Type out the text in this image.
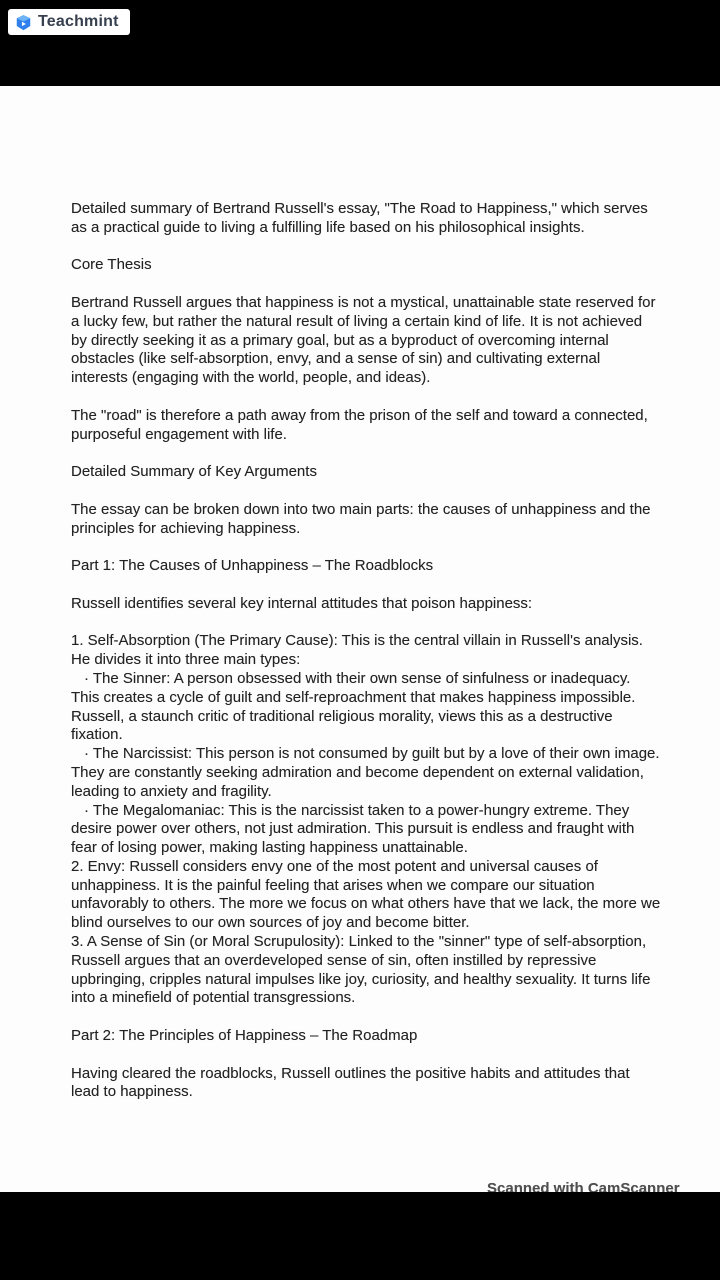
Teachmint

Detailed summary of Bertrand Russell's essay, "The Road to Happiness," which serves as a practical guide to living a fulfilling life based on his philosophical insights.

Core Thesis

Bertrand Russell argues that happiness is not a mystical, unattainable state reserved for a lucky few, but rather the natural result of living a certain kind of life. It is not achieved by directly seeking it as a primary goal, but as a byproduct of overcoming internal obstacles (like self-absorption, envy, and a sense of sin) and cultivating external interests (engaging with the world, people, and ideas).

The "road" is therefore a path away from the prison of the self and toward a connected, purposeful engagement with life.

Detailed Summary of Key Arguments

The essay can be broken down into two main parts: the causes of unhappiness and the principles for achieving happiness.

Part 1: The Causes of Unhappiness – The Roadblocks

Russell identifies several key internal attitudes that poison happiness:

1. Self-Absorption (The Primary Cause): This is the central villain in Russell's analysis. He divides it into three main types:

· The Sinner: A person obsessed with their own sense of sinfulness or inadequacy. This creates a cycle of guilt and self-reproachment that makes happiness impossible. Russell, a staunch critic of traditional religious morality, views this as a destructive fixation.

· The Narcissist: This person is not consumed by guilt but by a love of their own image. They are constantly seeking admiration and become dependent on external validation, leading to anxiety and fragility.

· The Megalomaniac: This is the narcissist taken to a power-hungry extreme. They desire power over others, not just admiration. This pursuit is endless and fraught with fear of losing power, making lasting happiness unattainable.

2. Envy: Russell considers envy one of the most potent and universal causes of unhappiness. It is the painful feeling that arises when we compare our situation unfavorably to others. The more we focus on what others have that we lack, the more we blind ourselves to our own sources of joy and become bitter.

3. A Sense of Sin (or Moral Scrupulosity): Linked to the "sinner" type of self-absorption, Russell argues that an overdeveloped sense of sin, often instilled by repressive upbringing, cripples natural impulses like joy, curiosity, and healthy sexuality. It turns life into a minefield of potential transgressions.

Part 2: The Principles of Happiness – The Roadmap

Having cleared the roadblocks, Russell outlines the positive habits and attitudes that lead to happiness.

Scanned with CamScanner
